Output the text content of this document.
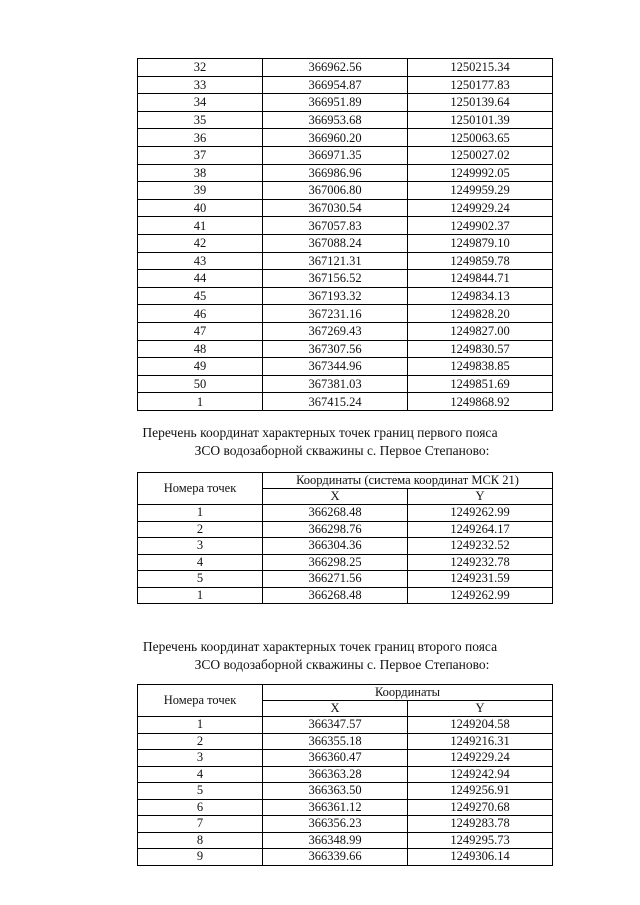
32	366962.56	1250215.34
33	366954.87	1250177.83
34	366951.89	1250139.64
35	366953.68	1250101.39
36	366960.20	1250063.65
37	366971.35	1250027.02
38	366986.96	1249992.05
39	367006.80	1249959.29
40	367030.54	1249929.24
41	367057.83	1249902.37
42	367088.24	1249879.10
43	367121.31	1249859.78
44	367156.52	1249844.71
45	367193.32	1249834.13
46	367231.16	1249828.20
47	367269.43	1249827.00
48	367307.56	1249830.57
49	367344.96	1249838.85
50	367381.03	1249851.69
1	367415.24	1249868.92
Перечень координат характерных точек границ первого пояса
ЗСО водозаборной скважины с. Первое Степаново:
Номера точек	Координаты (система координат МСК 21)	
	X	Y
1	366268.48	1249262.99
2	366298.76	1249264.17
3	366304.36	1249232.52
4	366298.25	1249232.78
5	366271.56	1249231.59
1	366268.48	1249262.99
Перечень координат характерных точек границ второго пояса
ЗСО водозаборной скважины с. Первое Степаново:
Номера точек	Координаты	
	X	Y
1	366347.57	1249204.58
2	366355.18	1249216.31
3	366360.47	1249229.24
4	366363.28	1249242.94
5	366363.50	1249256.91
6	366361.12	1249270.68
7	366356.23	1249283.78
8	366348.99	1249295.73
9	366339.66	1249306.14
